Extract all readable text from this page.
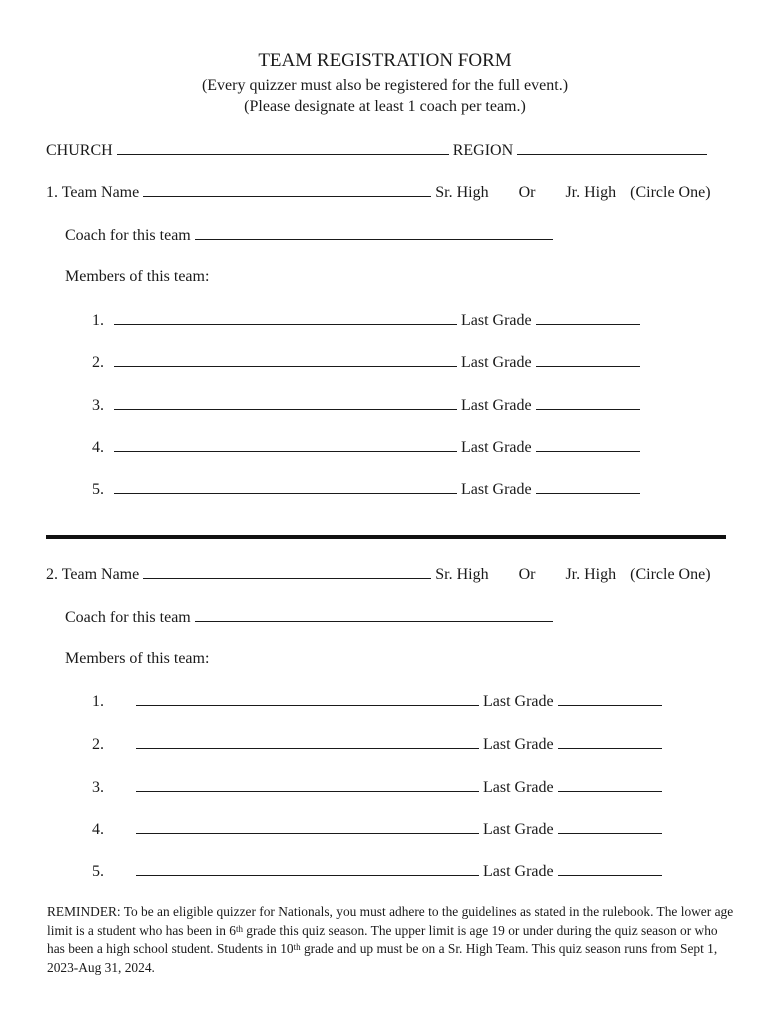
TEAM REGISTRATION FORM
(Every quizzer must also be registered for the full event.)
(Please designate at least 1 coach per team.)
CHURCH	REGION
1. Team Name	Sr. High Or Jr. High (Circle One)
Coach for this team
Members of this team:
1.	Last Grade
2.	Last Grade
3.	Last Grade
4.	Last Grade
5.	Last Grade
2. Team Name	Sr. High Or Jr. High (Circle One)
Coach for this team
Members of this team:
1.	Last Grade
2.	Last Grade
3.	Last Grade
4.	Last Grade
5.	Last Grade
REMINDER: To be an eligible quizzer for Nationals, you must adhere to the guidelines as stated in the rulebook. The lower age limit is a student who has been in 6th grade this quiz season. The upper limit is age 19 or under during the quiz season or who has been a high school student. Students in 10th grade and up must be on a Sr. High Team. This quiz season runs from Sept 1, 2023-Aug 31, 2024.
